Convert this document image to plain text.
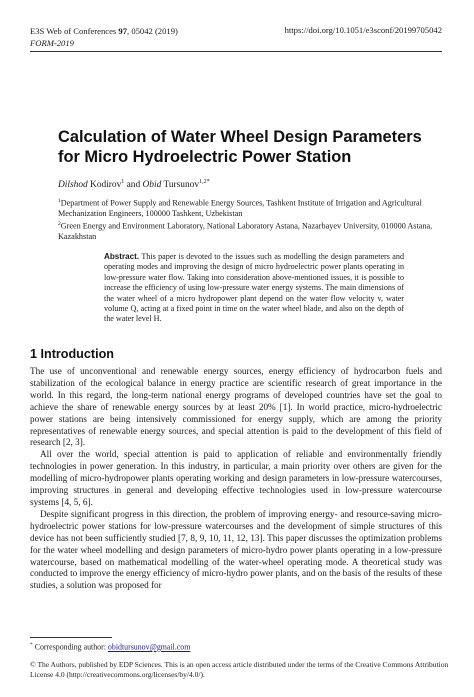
E3S Web of Conferences 97, 05042 (2019)
FORM-2019
https://doi.org/10.1051/e3sconf/20199705042
Calculation of Water Wheel Design Parameters for Micro Hydroelectric Power Station
Dilshod Kodirov$^1$ and Obid Tursunov$^{1,2*}$
$^1$Department of Power Supply and Renewable Energy Sources, Tashkent Institute of Irrigation and Agricultural Mechanization Engineers, 100000 Tashkent, Uzbekistan
$^2$Green Energy and Environment Laboratory, National Laboratory Astana, Nazarbayev University, 010000 Astana, Kazakhstan
Abstract. This paper is devoted to the issues such as modelling the design parameters and operating modes and improving the design of micro hydroelectric power plants operating in low-pressure water flow. Taking into consideration above-mentioned issues, it is possible to increase the efficiency of using low-pressure water energy systems. The main dimensions of the water wheel of a micro hydropower plant depend on the water flow velocity v, water volume Q, acting at a fixed point in time on the water wheel blade, and also on the depth of the water level H.
1 Introduction

The use of unconventional and renewable energy sources, energy efficiency of hydrocarbon fuels and stabilization of the ecological balance in energy practice are scientific research of great importance in the world. In this regard, the long-term national energy programs of developed countries have set the goal to achieve the share of renewable energy sources by at least 20% [1]. In world practice, micro-hydroelectric power stations are being intensively commissioned for energy supply, which are among the priority representatives of renewable energy sources, and special attention is paid to the development of this field of research [2, 3].

All over the world, special attention is paid to application of reliable and environmentally friendly technologies in power generation. In this industry, in particular, a main priority over others are given for the modelling of micro-hydropower plants operating working and design parameters in low-pressure watercourses, improving structures in general and developing effective technologies used in low-pressure watercourse systems [4, 5, 6].

Despite significant progress in this direction, the problem of improving energy- and resource-saving micro-hydroelectric power stations for low-pressure watercourses and the development of simple structures of this device has not been sufficiently studied [7, 8, 9, 10, 11, 12, 13]. This paper discusses the optimization problems for the water wheel modelling and design parameters of micro-hydro power plants operating in a low-pressure watercourse, based on mathematical modelling of the water-wheel operating mode. A theoretical study was conducted to improve the energy efficiency of micro-hydro power plants, and on the basis of the results of these studies, a solution was proposed for

* Corresponding author: obidtursunov@gmail.com
© The Authors, published by EDP Sciences. This is an open access article distributed under the terms of the Creative Commons Attribution License 4.0 (http://creativecommons.org/licenses/by/4.0/).
